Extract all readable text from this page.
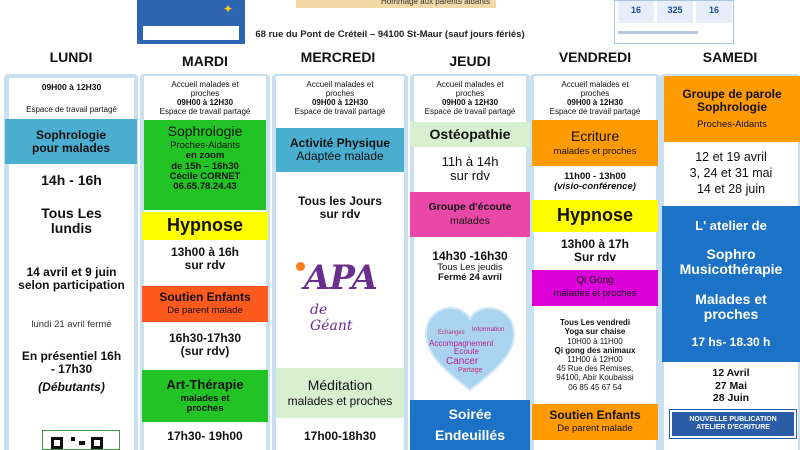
✦
Hommage aux parents aidants
68 rue du Pont de Créteil – 94100 St-Maur (sauf jours fériés)
16	325	16
LUNDI	MARDI	MERCREDI	JEUDI	VENDREDI	SAMEDI
09H00 à 12H30
Espace de travail partagé
Sophrologie pour malades
14h - 16h
Tous Les lundis
14 avril et 9 juin selon participation
lundi 21 avril fermé
En présentiel 16h - 17h30
(Débutants)
Accueil malades et proches
09H00 à 12H30
Espace de travail partagé
Sophrologie
Proches-Aidants
en zoom
de 15h – 16h30
Cécile CORNET
06.65.78.24.43
Hypnose
13h00 à 16h
sur rdv
Soutien Enfants
De parent malade
16h30-17h30
(sur rdv)
Art-Thérapie
malades et proches
17h30- 19h00
Accueil malades et proches
09H00 à 12H30
Espace de travail partagé
Activité Physique
Adaptée malade
Tous les Jours sur rdv
APA
de Géant
Méditation
malades et proches
17h00-18h30
Accueil malades et proches
09H00 à 12H30
Espace de travail partagé
Ostéopathie
11h à 14h
sur rdv
Groupe d'écoute
malades
14h30 -16h30
Tous Les jeudis
Fermé 24 avril
Echanges Information
Accompagnement
Ecoute
Cancer
Partage
Soirée
Endeuillés
Accueil malades et proches
09H00 à 12H30
Espace de travail partagé
Ecriture
malades et proches
11h00 - 13h00
(visio-conférence)
Hypnose
13h00 à 17h
Sur rdv
Qi Gong
malades et proches
Tous Les vendredi
Yoga sur chaise
10H00 à 11H00
Qi gong des animaux
11H00 à 12H00
45 Rue des Remises,
94100, Abir Koubaissi
06 85 45 67 54
Soutien Enfants
De parent malade
Groupe de parole Sophrologie
Proches-Aidants
12 et 19 avril
3, 24 et 31 mai
14 et 28 juin
L' atelier de
Sophro Musicothérapie
Malades et proches
17 hs- 18.30 h
12 Avril
27 Mai
28 Juin
NOUVELLE PUBLICATION
ATELIER D'ECRITURE
